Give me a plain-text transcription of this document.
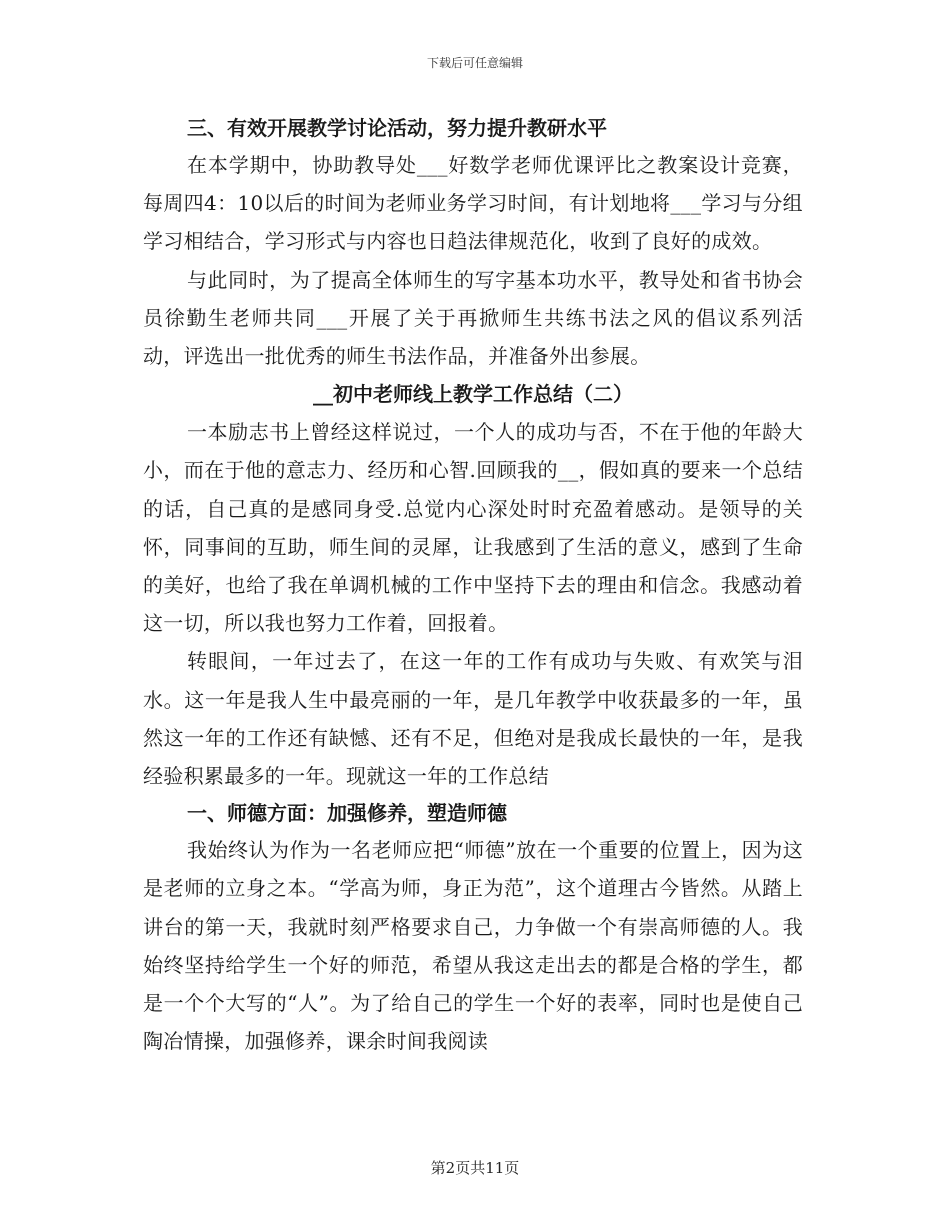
下载后可任意编辑

三、有效开展教学讨论活动，努力提升教研水平

在本学期中，协助教导处___好数学老师优课评比之教案设计竞赛，每周四4：10以后的时间为老师业务学习时间，有计划地将___学习与分组学习相结合，学习形式与内容也日趋法律规范化，收到了良好的成效。

与此同时，为了提高全体师生的写字基本功水平，教导处和省书协会员徐勤生老师共同___开展了关于再掀师生共练书法之风的倡议系列活动，评选出一批优秀的师生书法作品，并准备外出参展。

__初中老师线上教学工作总结（二）

一本励志书上曾经这样说过，一个人的成功与否，不在于他的年龄大小，而在于他的意志力、经历和心智.回顾我的__，假如真的要来一个总结的话，自己真的是感同身受.总觉内心深处时时充盈着感动。是领导的关怀，同事间的互助，师生间的灵犀，让我感到了生活的意义，感到了生命的美好，也给了我在单调机械的工作中坚持下去的理由和信念。我感动着这一切，所以我也努力工作着，回报着。

转眼间，一年过去了，在这一年的工作有成功与失败、有欢笑与泪水。这一年是我人生中最亮丽的一年，是几年教学中收获最多的一年，虽然这一年的工作还有缺憾、还有不足，但绝对是我成长最快的一年，是我经验积累最多的一年。现就这一年的工作总结

一、师德方面：加强修养，塑造师德

我始终认为作为一名老师应把“师德”放在一个重要的位置上，因为这是老师的立身之本。“学高为师，身正为范”，这个道理古今皆然。从踏上讲台的第一天，我就时刻严格要求自己，力争做一个有崇高师德的人。我始终坚持给学生一个好的师范，希望从我这走出去的都是合格的学生，都是一个个大写的“人”。为了给自己的学生一个好的表率，同时也是使自己陶冶情操，加强修养，课余时间我阅读

第2页共11页
